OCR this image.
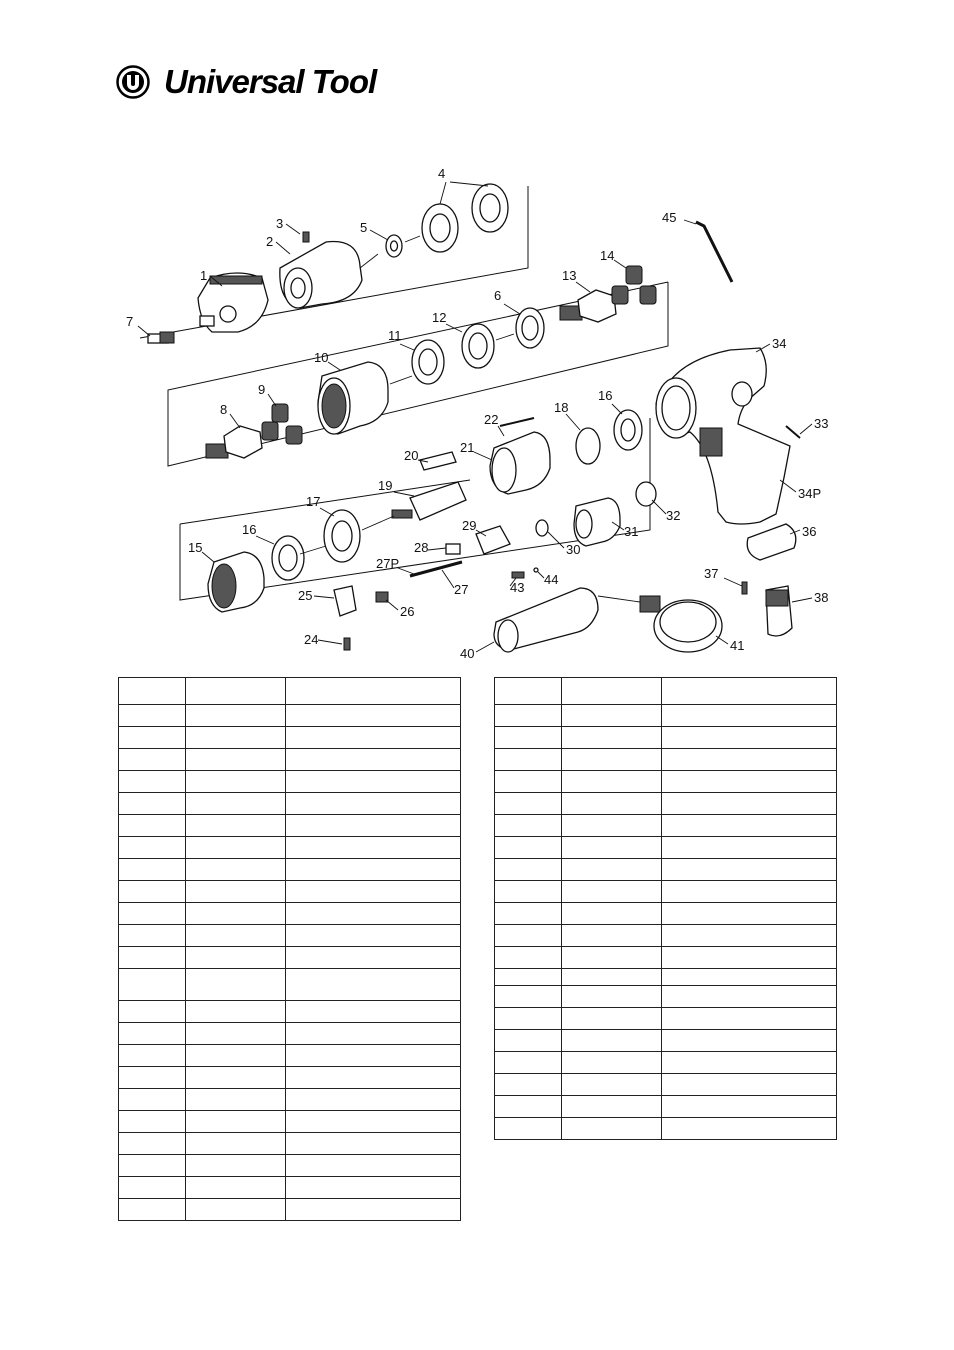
Universal Tool
1
2
3
4
5
6
7
8
9
10
11
12
13
14
15
16
16
17
18
19
20
21
22
24
25
26
27
27P
28
29
30
31
32
33
34
34P
36
37
38
40
41
43
44
45
